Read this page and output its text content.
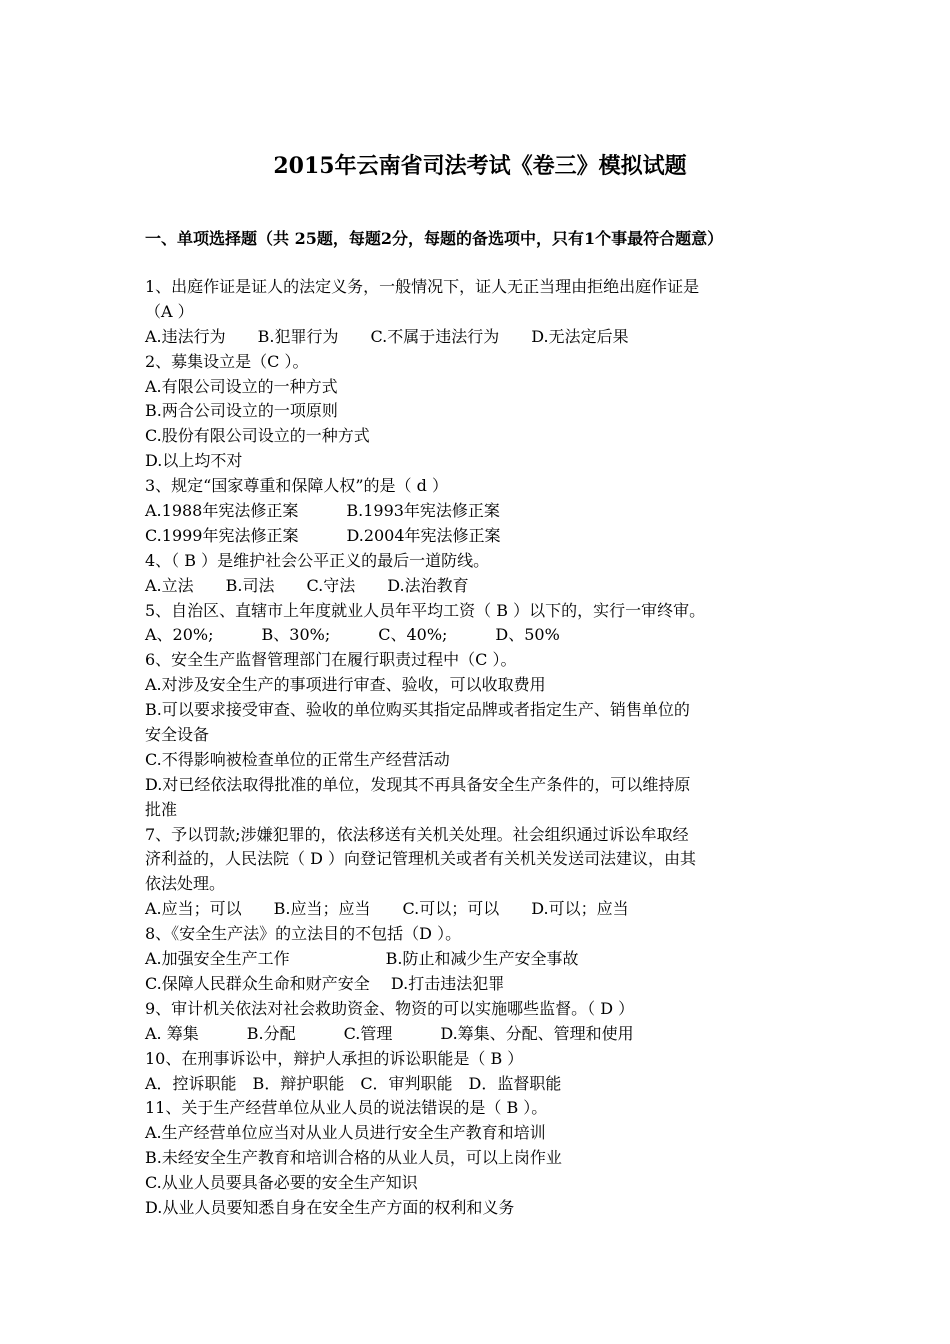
2015年云南省司法考试《卷三》模拟试题
一、单项选择题（共 25题，每题2分，每题的备选项中，只有1个事最符合题意）
1、出庭作证是证人的法定义务，一般情况下，证人无正当理由拒绝出庭作证是
（A ）
A.违法行为　　B.犯罪行为　　C.不属于违法行为　　D.无法定后果
2、募集设立是（C ）。
A.有限公司设立的一种方式
B.两合公司设立的一项原则
C.股份有限公司设立的一种方式
D.以上均不对
3、规定“国家尊重和保障人权”的是（ d ）
A.1988年宪法修正案　　　B.1993年宪法修正案
C.1999年宪法修正案　　　D.2004年宪法修正案
4、（ B ）是维护社会公平正义的最后一道防线。
A.立法　　B.司法　　C.守法　　D.法治教育
5、自治区、直辖市上年度就业人员年平均工资（ B ）以下的，实行一审终审。
A、20%;　　　B、30%;　　　C、40%;　　　D、50%
6、安全生产监督管理部门在履行职责过程中（C ）。
A.对涉及安全生产的事项进行审查、验收，可以收取费用
B.可以要求接受审查、验收的单位购买其指定品牌或者指定生产、销售单位的
安全设备
C.不得影响被检查单位的正常生产经营活动
D.对已经依法取得批准的单位，发现其不再具备安全生产条件的，可以维持原
批准
7、予以罚款;涉嫌犯罪的，依法移送有关机关处理。社会组织通过诉讼牟取经
济利益的，人民法院（ D ）向登记管理机关或者有关机关发送司法建议，由其
依法处理。
A.应当；可以　　B.应当；应当　　C.可以；可以　　D.可以；应当
8、《安全生产法》的立法目的不包括（D ）。
A.加强安全生产工作　　　　　　B.防止和减少生产安全事故
C.保障人民群众生命和财产安全　 D.打击违法犯罪
9、审计机关依法对社会救助资金、物资的可以实施哪些监督。（ D ）
A. 筹集　　　B.分配　　　C.管理　　　D.筹集、分配、管理和使用
10、在刑事诉讼中，辩护人承担的诉讼职能是（ B ）
A．控诉职能　B．辩护职能　C．审判职能　D．监督职能
11、关于生产经营单位从业人员的说法错误的是（ B ）。
A.生产经营单位应当对从业人员进行安全生产教育和培训
B.未经安全生产教育和培训合格的从业人员，可以上岗作业
C.从业人员要具备必要的安全生产知识
D.从业人员要知悉自身在安全生产方面的权利和义务
